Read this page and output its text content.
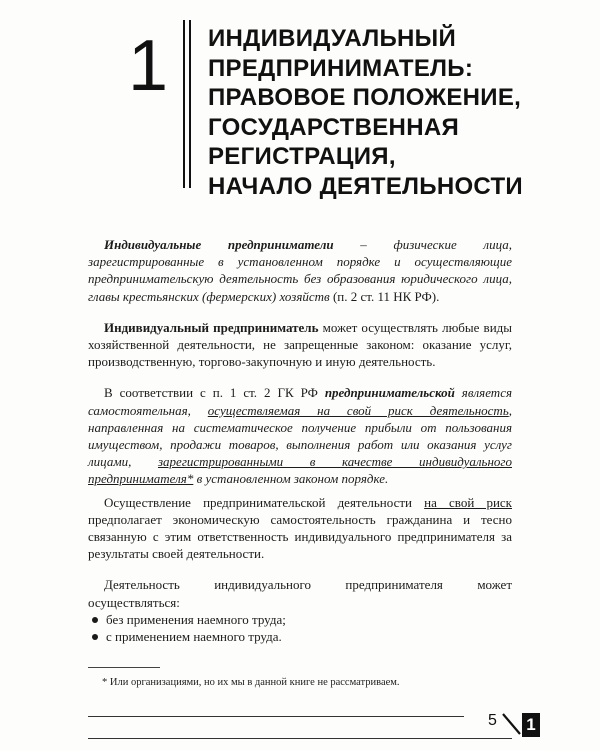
1 ИНДИВИДУАЛЬНЫЙ
ПРЕДПРИНИМАТЕЛЬ:
ПРАВОВОЕ ПОЛОЖЕНИЕ,
ГОСУДАРСТВЕННАЯ
РЕГИСТРАЦИЯ,
НАЧАЛО ДЕЯТЕЛЬНОСТИ

Индивидуальные предприниматели – физические лица, зарегистрированные в установленном порядке и осуществляющие предпринимательскую деятельность без образования юридического лица, главы крестьянских (фермерских) хозяйств (п. 2 ст. 11 НК РФ).

Индивидуальный предприниматель может осуществлять любые виды хозяйственной деятельности, не запрещенные законом: оказание услуг, производственную, торгово-закупочную и иную деятельность.

В соответствии с п. 1 ст. 2 ГК РФ предпринимательской является самостоятельная, осуществляемая на свой риск деятельность, направленная на систематическое получение прибыли от пользования имуществом, продажи товаров, выполнения работ или оказания услуг лицами, зарегистрированными в качестве индивидуального предпринимателя* в установленном законом порядке.

Осуществление предпринимательской деятельности на свой риск предполагает экономическую самостоятельность гражданина и тесно связанную с этим ответственность индивидуального предпринимателя за результаты своей деятельности.

Деятельность индивидуального предпринимателя может осуществляться:

без применения наемного труда;
с применением наемного труда.
* Или организациями, но их мы в данной книге не рассматриваем.
5 1
